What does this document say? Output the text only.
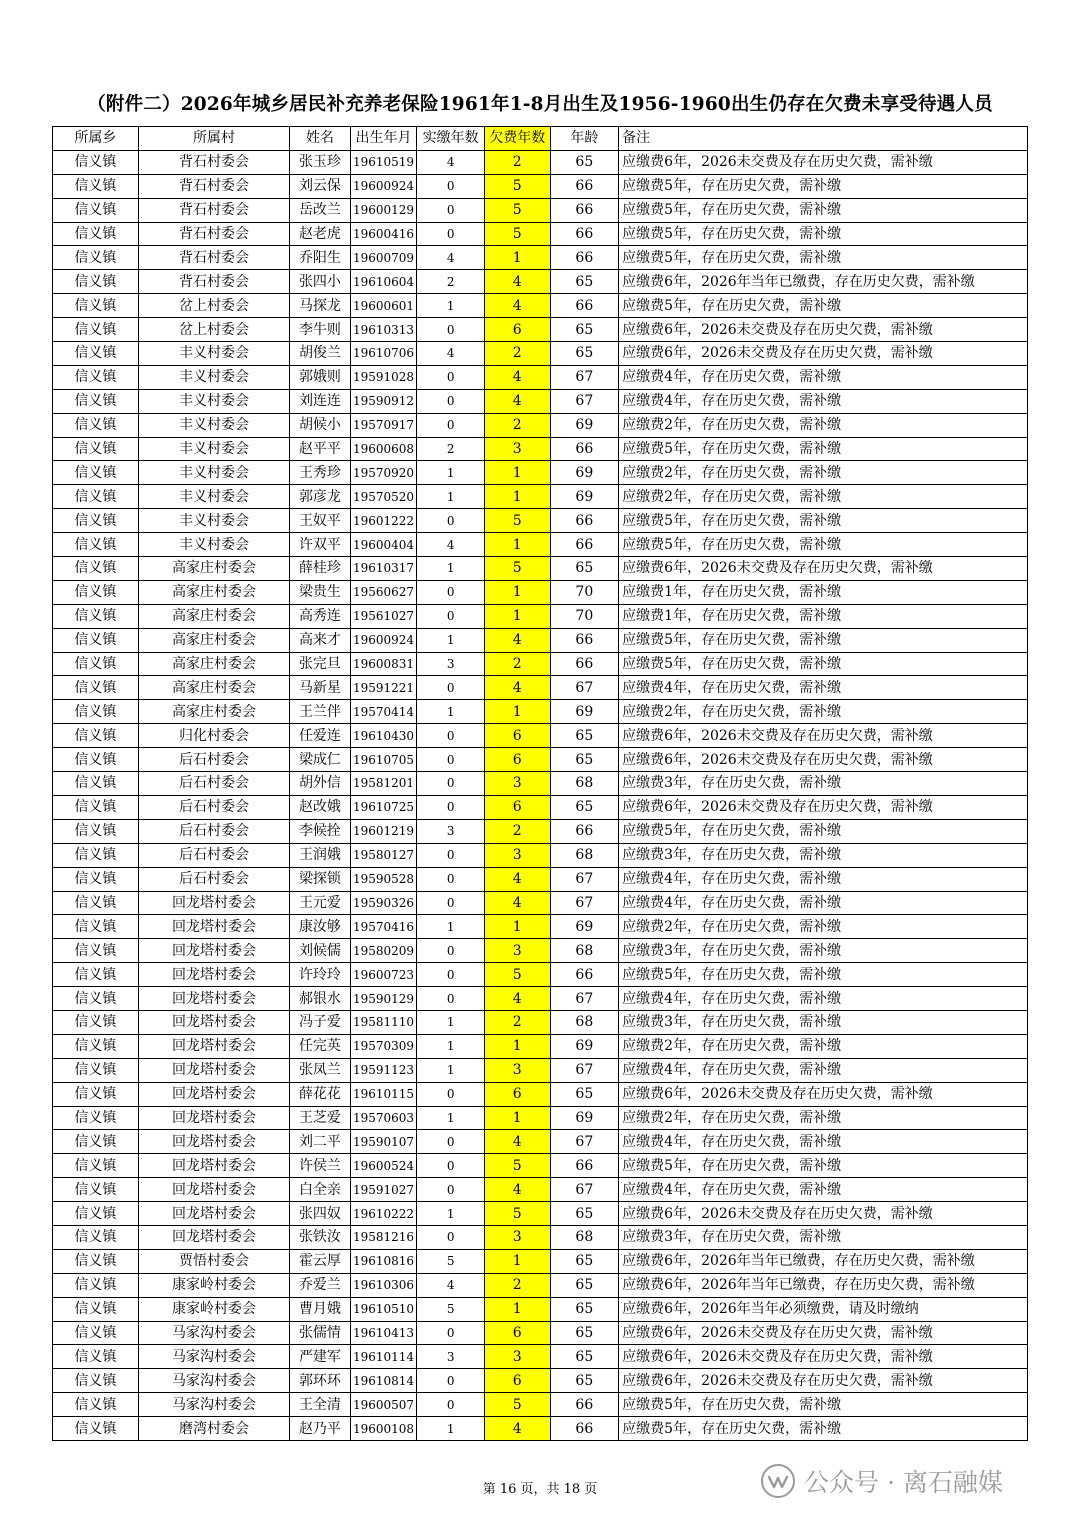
（附件二）2026年城乡居民补充养老保险1961年1-8月出生及1956-1960出生仍存在欠费未享受待遇人员
所属乡	所属村	姓名	出生年月	实缴年数	欠费年数	年龄	备注
信义镇	背石村委会	张玉珍	19610519	4	2	65	应缴费6年，2026未交费及存在历史欠费，需补缴
信义镇	背石村委会	刘云保	19600924	0	5	66	应缴费5年，存在历史欠费，需补缴
信义镇	背石村委会	岳改兰	19600129	0	5	66	应缴费5年，存在历史欠费，需补缴
信义镇	背石村委会	赵老虎	19600416	0	5	66	应缴费5年，存在历史欠费，需补缴
信义镇	背石村委会	乔阳生	19600709	4	1	66	应缴费5年，存在历史欠费，需补缴
信义镇	背石村委会	张四小	19610604	2	4	65	应缴费6年，2026年当年已缴费，存在历史欠费，需补缴
信义镇	岔上村委会	马探龙	19600601	1	4	66	应缴费5年，存在历史欠费，需补缴
信义镇	岔上村委会	李牛则	19610313	0	6	65	应缴费6年，2026未交费及存在历史欠费，需补缴
信义镇	丰义村委会	胡俊兰	19610706	4	2	65	应缴费6年，2026未交费及存在历史欠费，需补缴
信义镇	丰义村委会	郭娥则	19591028	0	4	67	应缴费4年，存在历史欠费，需补缴
信义镇	丰义村委会	刘连连	19590912	0	4	67	应缴费4年，存在历史欠费，需补缴
信义镇	丰义村委会	胡候小	19570917	0	2	69	应缴费2年，存在历史欠费，需补缴
信义镇	丰义村委会	赵平平	19600608	2	3	66	应缴费5年，存在历史欠费，需补缴
信义镇	丰义村委会	王秀珍	19570920	1	1	69	应缴费2年，存在历史欠费，需补缴
信义镇	丰义村委会	郭彦龙	19570520	1	1	69	应缴费2年，存在历史欠费，需补缴
信义镇	丰义村委会	王奴平	19601222	0	5	66	应缴费5年，存在历史欠费，需补缴
信义镇	丰义村委会	许双平	19600404	4	1	66	应缴费5年，存在历史欠费，需补缴
信义镇	高家庄村委会	薛桂珍	19610317	1	5	65	应缴费6年，2026未交费及存在历史欠费，需补缴
信义镇	高家庄村委会	梁贵生	19560627	0	1	70	应缴费1年，存在历史欠费，需补缴
信义镇	高家庄村委会	高秀连	19561027	0	1	70	应缴费1年，存在历史欠费，需补缴
信义镇	高家庄村委会	高来才	19600924	1	4	66	应缴费5年，存在历史欠费，需补缴
信义镇	高家庄村委会	张完旦	19600831	3	2	66	应缴费5年，存在历史欠费，需补缴
信义镇	高家庄村委会	马新星	19591221	0	4	67	应缴费4年，存在历史欠费，需补缴
信义镇	高家庄村委会	王兰伴	19570414	1	1	69	应缴费2年，存在历史欠费，需补缴
信义镇	归化村委会	任爱连	19610430	0	6	65	应缴费6年，2026未交费及存在历史欠费，需补缴
信义镇	后石村委会	梁成仁	19610705	0	6	65	应缴费6年，2026未交费及存在历史欠费，需补缴
信义镇	后石村委会	胡外信	19581201	0	3	68	应缴费3年，存在历史欠费，需补缴
信义镇	后石村委会	赵改娥	19610725	0	6	65	应缴费6年，2026未交费及存在历史欠费，需补缴
信义镇	后石村委会	李候拴	19601219	3	2	66	应缴费5年，存在历史欠费，需补缴
信义镇	后石村委会	王润娥	19580127	0	3	68	应缴费3年，存在历史欠费，需补缴
信义镇	后石村委会	梁探锁	19590528	0	4	67	应缴费4年，存在历史欠费，需补缴
信义镇	回龙塔村委会	王元爱	19590326	0	4	67	应缴费4年，存在历史欠费，需补缴
信义镇	回龙塔村委会	康汝够	19570416	1	1	69	应缴费2年，存在历史欠费，需补缴
信义镇	回龙塔村委会	刘候儒	19580209	0	3	68	应缴费3年，存在历史欠费，需补缴
信义镇	回龙塔村委会	许玲玲	19600723	0	5	66	应缴费5年，存在历史欠费，需补缴
信义镇	回龙塔村委会	郝银水	19590129	0	4	67	应缴费4年，存在历史欠费，需补缴
信义镇	回龙塔村委会	冯子爱	19581110	1	2	68	应缴费3年，存在历史欠费，需补缴
信义镇	回龙塔村委会	任完英	19570309	1	1	69	应缴费2年，存在历史欠费，需补缴
信义镇	回龙塔村委会	张凤兰	19591123	1	3	67	应缴费4年，存在历史欠费，需补缴
信义镇	回龙塔村委会	薛花花	19610115	0	6	65	应缴费6年，2026未交费及存在历史欠费，需补缴
信义镇	回龙塔村委会	王芝爱	19570603	1	1	69	应缴费2年，存在历史欠费，需补缴
信义镇	回龙塔村委会	刘二平	19590107	0	4	67	应缴费4年，存在历史欠费，需补缴
信义镇	回龙塔村委会	许侯兰	19600524	0	5	66	应缴费5年，存在历史欠费，需补缴
信义镇	回龙塔村委会	白全亲	19591027	0	4	67	应缴费4年，存在历史欠费，需补缴
信义镇	回龙塔村委会	张四奴	19610222	1	5	65	应缴费6年，2026未交费及存在历史欠费，需补缴
信义镇	回龙塔村委会	张铁汝	19581216	0	3	68	应缴费3年，存在历史欠费，需补缴
信义镇	贾悟村委会	霍云厚	19610816	5	1	65	应缴费6年，2026年当年已缴费，存在历史欠费，需补缴
信义镇	康家岭村委会	乔爱兰	19610306	4	2	65	应缴费6年，2026年当年已缴费，存在历史欠费，需补缴
信义镇	康家岭村委会	曹月娥	19610510	5	1	65	应缴费6年，2026年当年必须缴费，请及时缴纳
信义镇	马家沟村委会	张儒情	19610413	0	6	65	应缴费6年，2026未交费及存在历史欠费，需补缴
信义镇	马家沟村委会	严建军	19610114	3	3	65	应缴费6年，2026未交费及存在历史欠费，需补缴
信义镇	马家沟村委会	郭环环	19610814	0	6	65	应缴费6年，2026未交费及存在历史欠费，需补缴
信义镇	马家沟村委会	王全清	19600507	0	5	66	应缴费5年，存在历史欠费，需补缴
信义镇	磨湾村委会	赵乃平	19600108	1	4	66	应缴费5年，存在历史欠费，需补缴
第 16 页，共 18 页	公众号 · 离石融媒
